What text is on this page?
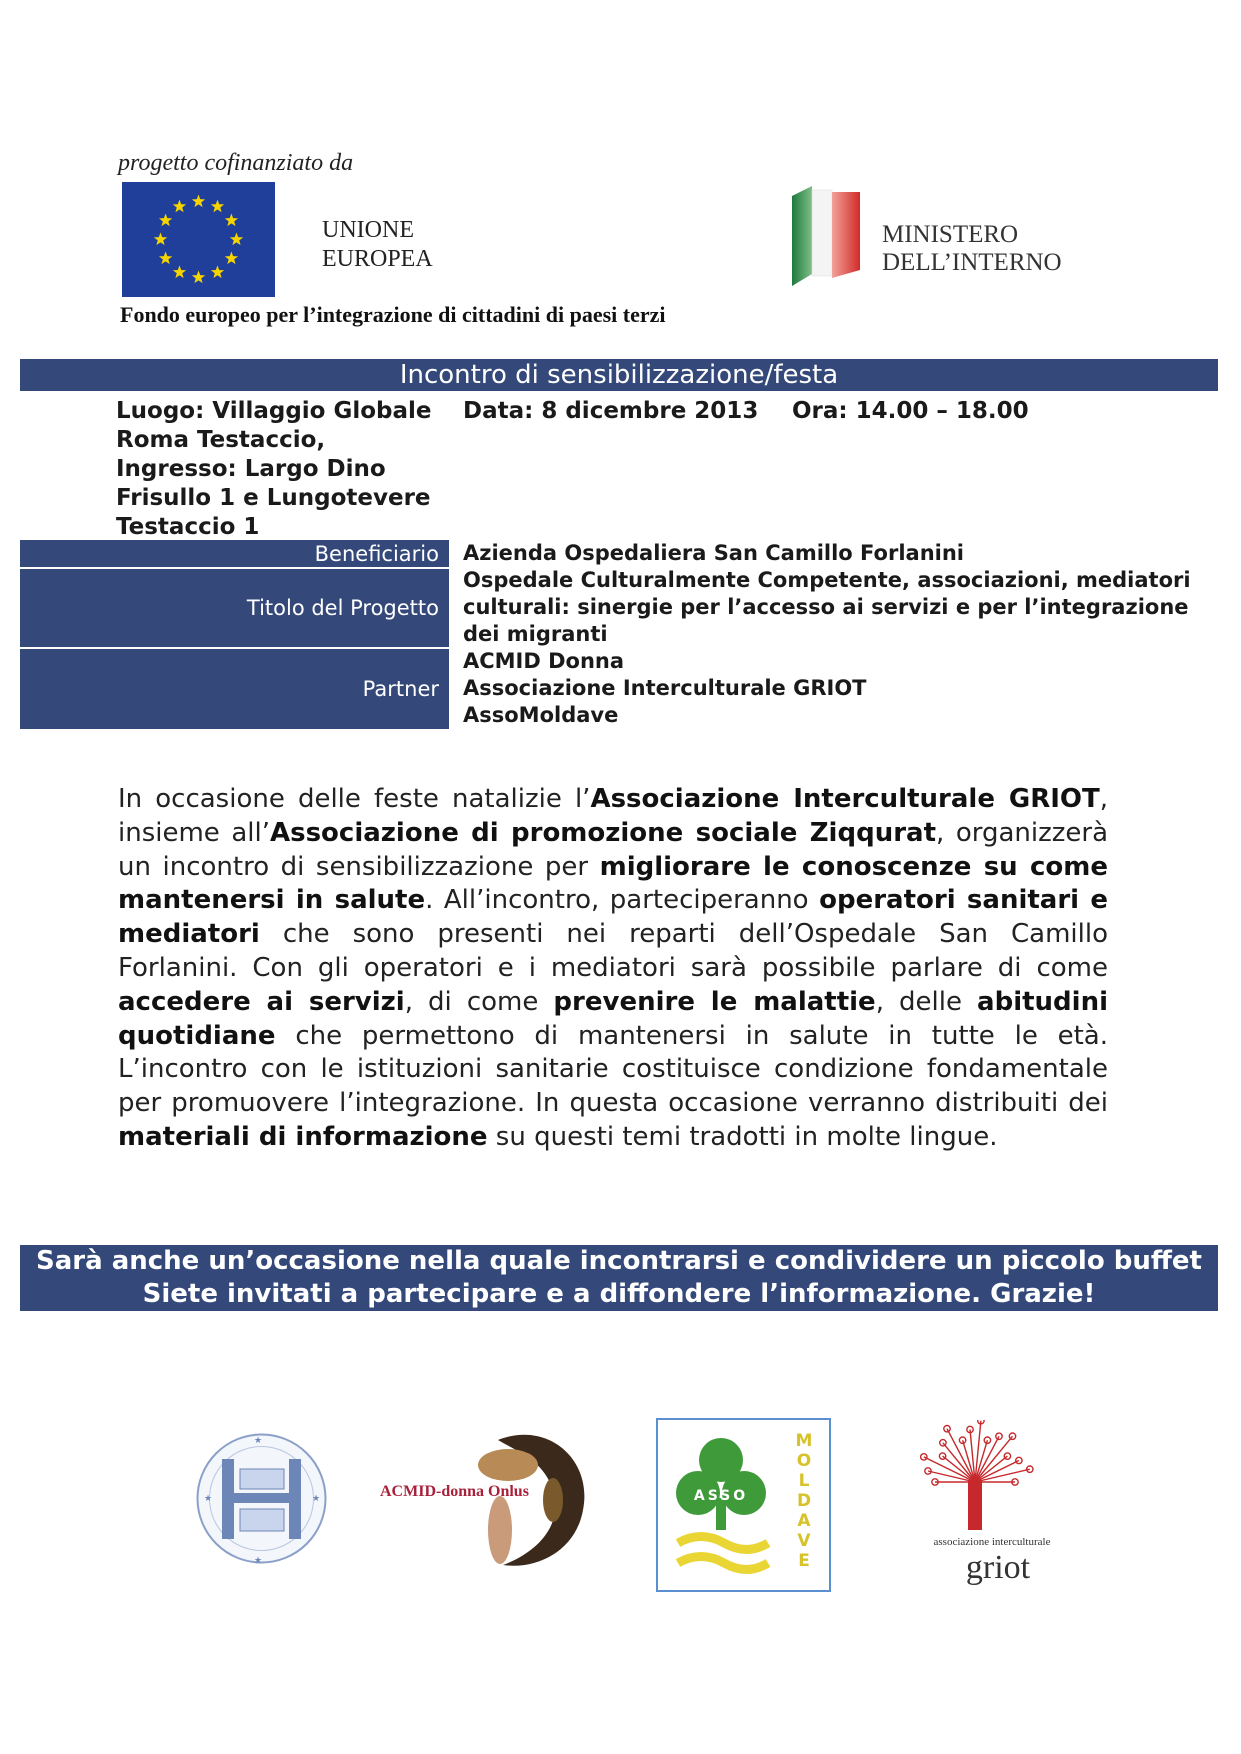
progetto cofinanziato da
UNIONE
EUROPEA
MINISTERO
DELL’INTERNO
Fondo europeo per l’integrazione di cittadini di paesi terzi
Incontro di sensibilizzazione/festa
Luogo: Villaggio Globale Roma Testaccio, Ingresso: Largo Dino Frisullo 1 e Lungotevere Testaccio 1
Data: 8 dicembre 2013 Ora: 14.00 – 18.00
Beneficiario Azienda Ospedaliera San Camillo Forlanini
Titolo del Progetto
Ospedale Culturalmente Competente, associazioni, mediatori culturali: sinergie per l’accesso ai servizi e per l’integrazione dei migranti
Partner
ACMID Donna
Associazione Interculturale GRIOT
AssoMoldave
In occasione delle feste natalizie l’Associazione Interculturale GRIOT, insieme all’Associazione di promozione sociale Ziqqurat, organizzerà un incontro di sensibilizzazione per migliorare le conoscenze su come mantenersi in salute. All’incontro, parteciperanno operatori sanitari e mediatori che sono presenti nei reparti dell’Ospedale San Camillo Forlanini. Con gli operatori e i mediatori sarà possibile parlare di come accedere ai servizi, di come prevenire le malattie, delle abitudini quotidiane che permettono di mantenersi in salute in tutte le età. L’incontro con le istituzioni sanitarie costituisce condizione fondamentale per promuovere l’integrazione. In questa occasione verranno distribuiti dei materiali di informazione su questi temi tradotti in molte lingue.
Sarà anche un’occasione nella quale incontrarsi e condividere un piccolo buffet
Siete invitati a partecipare e a diffondere l’informazione. Grazie!
★
★	★
★
ACMID-donna Onlus	ASSO
M O L D A V E
associazione interculturale
griot
